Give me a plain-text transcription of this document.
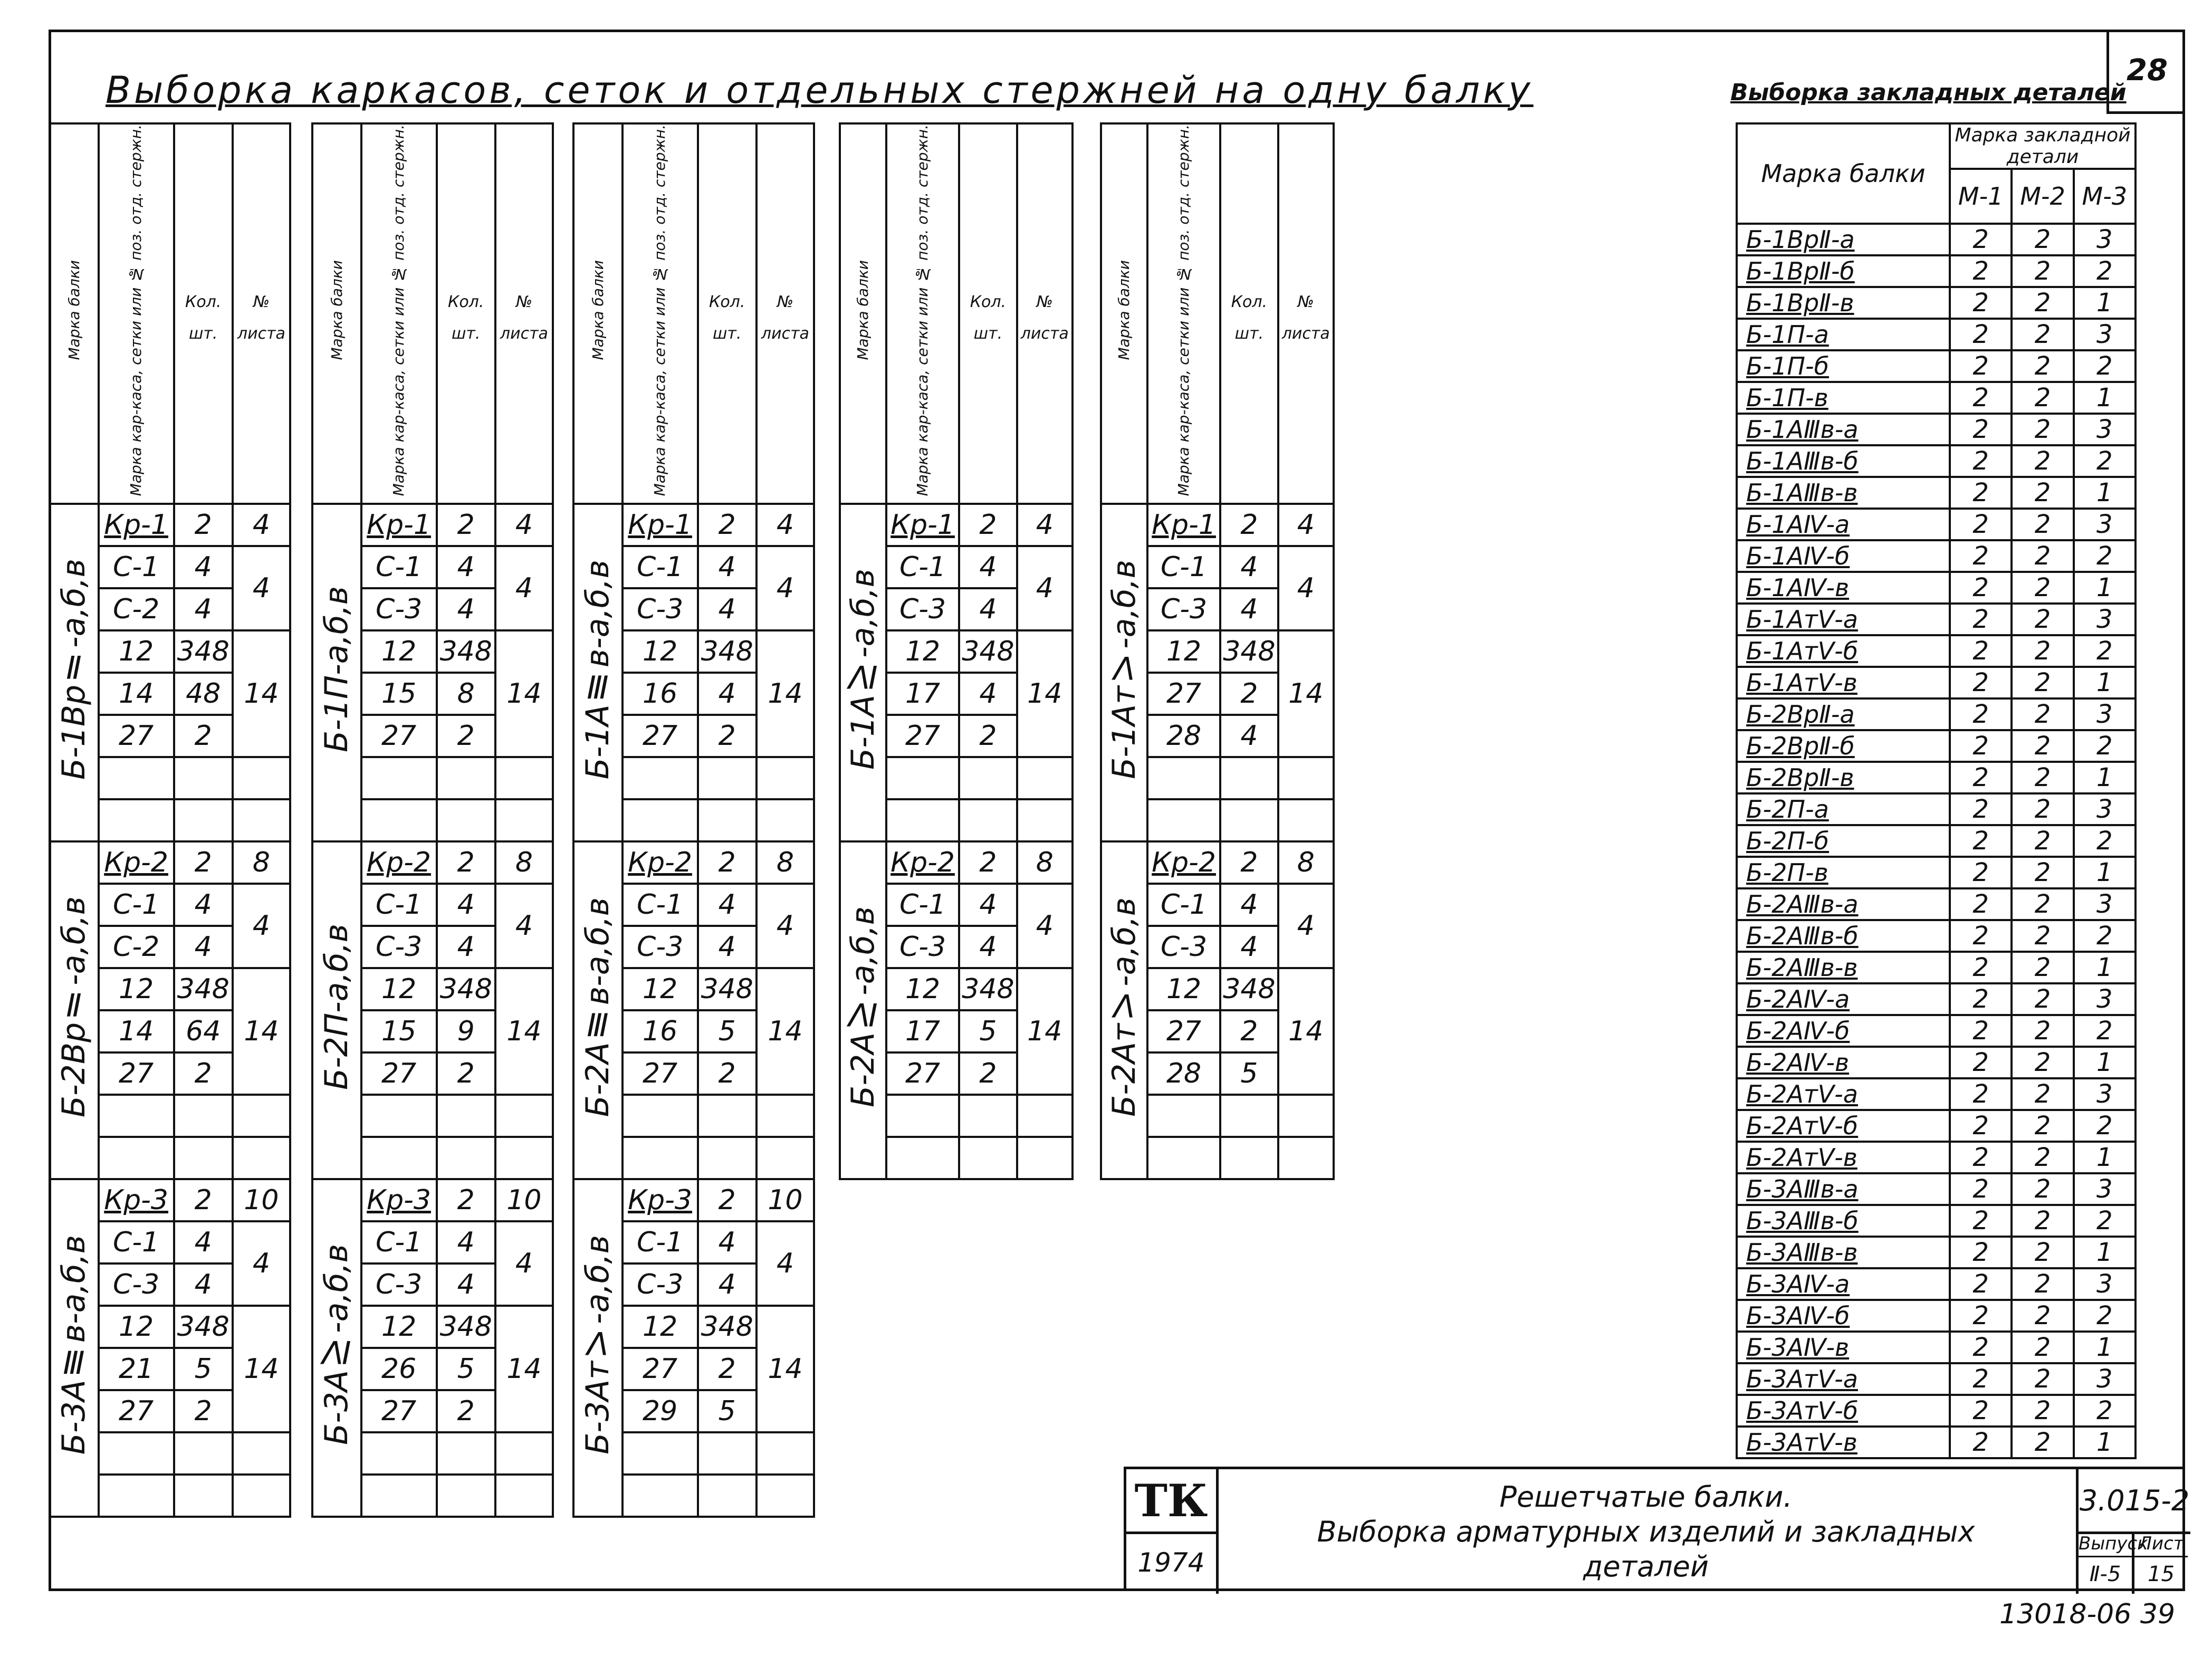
28
Выборка каркасов, сеток и отдельных стержней на одну балку	Выборка закладных деталей
Марка балки	Марка кар-каса, сетки или № поз. отд. стержн.	Кол. шт.	№ листа
Б-1ВрⅡ-а,б,в	Кр-1	2	4
	С-1	4	4
	С-2	4	
	12	348	14
	14	48	
	27	2	

Б-2ВрⅡ-а,б,в	Кр-2	2	8
	С-1	4	4
	С-2	4	
	12	348	14
	14	64	
	27	2	

Б-3АⅢв-а,б,в	Кр-3	2	10
	С-1	4	4
	С-3	4	
	12	348	14
	21	5	
	27	2	

Марка балки	Марка кар-каса, сетки или № поз. отд. стержн.	Кол. шт.	№ листа
Б-1П-а,б,в	Кр-1	2	4
	С-1	4	4
	С-3	4	
	12	348	14
	15	8	
	27	2	

Б-2П-а,б,в	Кр-2	2	8
	С-1	4	4
	С-3	4	
	12	348	14
	15	9	
	27	2	

Б-3АⅣ-а,б,в	Кр-3	2	10
	С-1	4	4
	С-3	4	
	12	348	14
	26	5	
	27	2	

Марка балки	Марка кар-каса, сетки или № поз. отд. стержн.	Кол. шт.	№ листа
Б-1АⅢв-а,б,в	Кр-1	2	4
	С-1	4	4
	С-3	4	
	12	348	14
	16	4	
	27	2	

Б-2АⅢв-а,б,в	Кр-2	2	8
	С-1	4	4
	С-3	4	
	12	348	14
	16	5	
	27	2	

Б-3АтⅤ-а,б,в	Кр-3	2	10
	С-1	4	4
	С-3	4	
	12	348	14
	27	2	
	29	5	

Марка балки	Марка кар-каса, сетки или № поз. отд. стержн.	Кол. шт.	№ листа
Б-1АⅣ-а,б,в	Кр-1	2	4
	С-1	4	4
	С-3	4	
	12	348	14
	17	4	
	27	2	

Б-2АⅣ-а,б,в	Кр-2	2	8
	С-1	4	4
	С-3	4	
	12	348	14
	17	5	
	27	2	

Марка балки	Марка кар-каса, сетки или № поз. отд. стержн.	Кол. шт.	№ листа
Б-1АтⅤ-а,б,в	Кр-1	2	4
	С-1	4	4
	С-3	4	
	12	348	14
	27	2	
	28	4	

Б-2АтⅤ-а,б,в	Кр-2	2	8
	С-1	4	4
	С-3	4	
	12	348	14
	27	2	
	28	5	

Марка балки	Марка закладной детали		
	М-1	М-2	М-3
Б-1ВрⅡ-а	2	2	3
Б-1ВрⅡ-б	2	2	2
Б-1ВрⅡ-в	2	2	1
Б-1П-а	2	2	3
Б-1П-б	2	2	2
Б-1П-в	2	2	1
Б-1АⅢв-а	2	2	3
Б-1АⅢв-б	2	2	2
Б-1АⅢв-в	2	2	1
Б-1АⅣ-а	2	2	3
Б-1АⅣ-б	2	2	2
Б-1АⅣ-в	2	2	1
Б-1АтⅤ-а	2	2	3
Б-1АтⅤ-б	2	2	2
Б-1АтⅤ-в	2	2	1
Б-2ВрⅡ-а	2	2	3
Б-2ВрⅡ-б	2	2	2
Б-2ВрⅡ-в	2	2	1
Б-2П-а	2	2	3
Б-2П-б	2	2	2
Б-2П-в	2	2	1
Б-2АⅢв-а	2	2	3
Б-2АⅢв-б	2	2	2
Б-2АⅢв-в	2	2	1
Б-2АⅣ-а	2	2	3
Б-2АⅣ-б	2	2	2
Б-2АⅣ-в	2	2	1
Б-2АтⅤ-а	2	2	3
Б-2АтⅤ-б	2	2	2
Б-2АтⅤ-в	2	2	1
Б-3АⅢв-а	2	2	3
Б-3АⅢв-б	2	2	2
Б-3АⅢв-в	2	2	1
Б-3АⅣ-а	2	2	3
Б-3АⅣ-б	2	2	2
Б-3АⅣ-в	2	2	1
Б-3АтⅤ-а	2	2	3
Б-3АтⅤ-б	2	2	2
Б-3АтⅤ-в	2	2	1
ТК
1974
Решетчатые балки.
Выборка арматурных изделий и закладных
деталей
3.015-2
Выпуск
Ⅱ-5
Лист
15
13018-06 39
